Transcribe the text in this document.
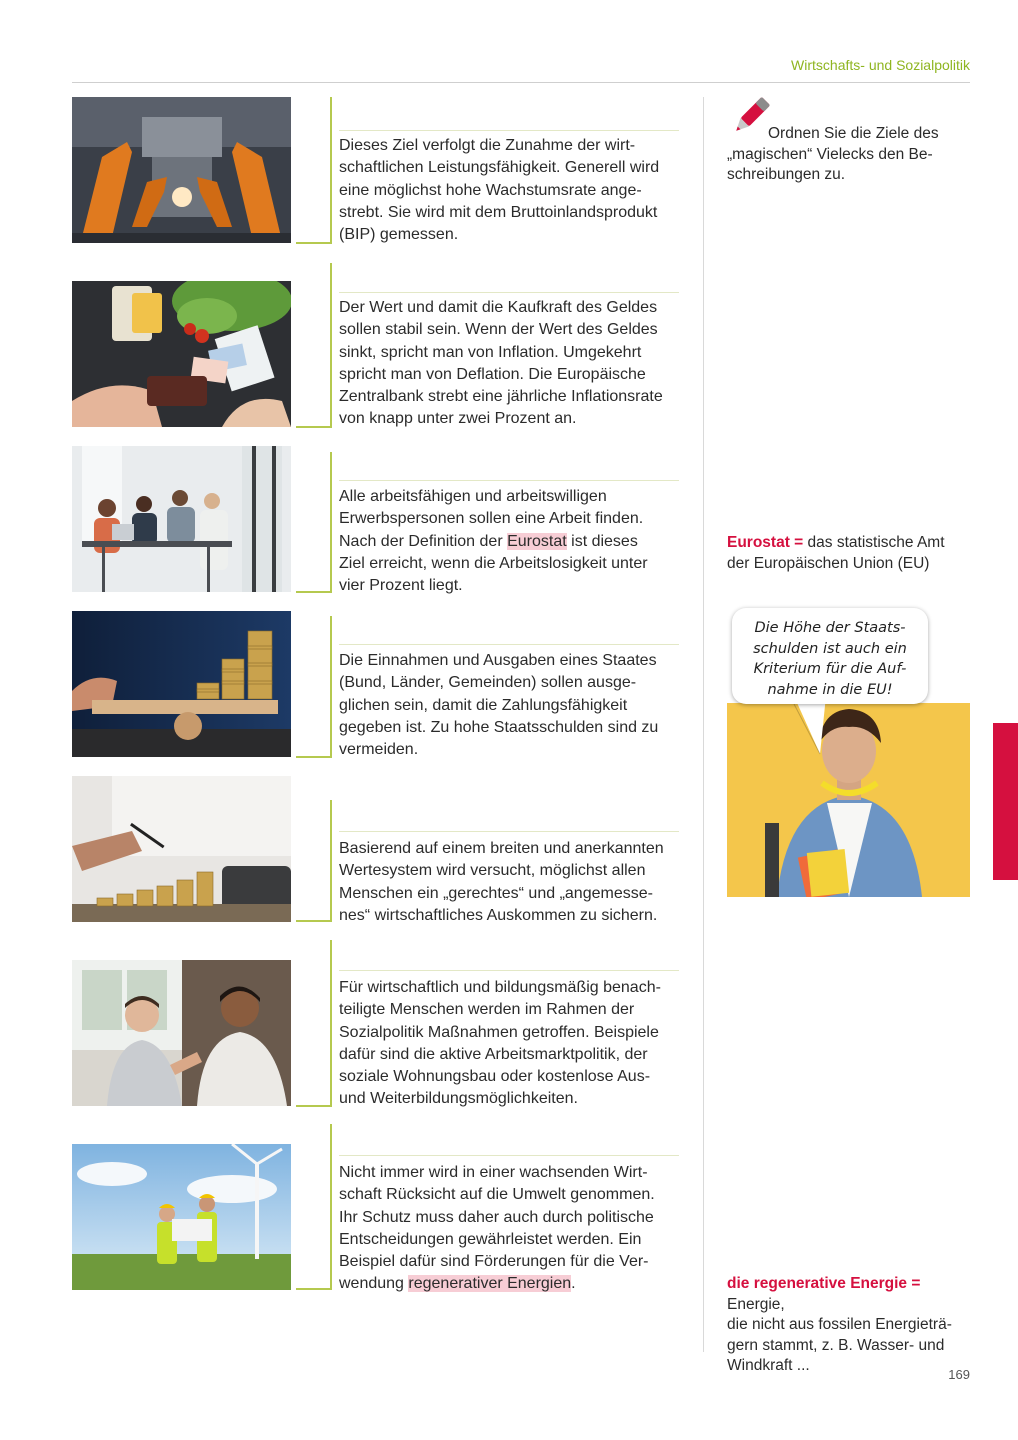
Wirtschafts- und Sozialpolitik
Dieses Ziel verfolgt die Zunahme der wirt-
schaftlichen Leistungsfähigkeit. Generell wird
eine möglichst hohe Wachstumsrate ange-
strebt. Sie wird mit dem Bruttoinlandsprodukt
(BIP) gemessen.
Der Wert und damit die Kaufkraft des Geldes
sollen stabil sein. Wenn der Wert des Geldes
sinkt, spricht man von Inflation. Umgekehrt
spricht man von Deflation. Die Europäische
Zentralbank strebt eine jährliche Inflationsrate
von knapp unter zwei Prozent an.
Alle arbeitsfähigen und arbeitswilligen
Erwerbspersonen sollen eine Arbeit finden.
Nach der Definition der Eurostat ist dieses
Ziel erreicht, wenn die Arbeitslosigkeit unter
vier Prozent liegt.
Die Einnahmen und Ausgaben eines Staates
(Bund, Länder, Gemeinden) sollen ausge-
glichen sein, damit die Zahlungsfähigkeit
gegeben ist. Zu hohe Staatsschulden sind zu
vermeiden.
Basierend auf einem breiten und anerkannten
Wertesystem wird versucht, möglichst allen
Menschen ein „gerechtes“ und „angemesse-
nes“ wirtschaftliches Auskommen zu sichern.
Für wirtschaftlich und bildungsmäßig benach-
teiligte Menschen werden im Rahmen der
Sozialpolitik Maßnahmen getroffen. Beispiele
dafür sind die aktive Arbeitsmarktpolitik, der
soziale Wohnungsbau oder kostenlose Aus-
und Weiterbildungsmöglichkeiten.
Nicht immer wird in einer wachsenden Wirt-
schaft Rücksicht auf die Umwelt genommen.
Ihr Schutz muss daher auch durch politische
Entscheidungen gewährleistet werden. Ein
Beispiel dafür sind Förderungen für die Ver-
wendung regenerativer Energien.
Ordnen Sie die Ziele des
„magischen“ Vielecks den Be-
schreibungen zu.
Eurostat = das statistische Amt
der Europäischen Union (EU)
Die Höhe der Staats-
schulden ist auch ein
Kriterium für die Auf-
nahme in die EU!
die regenerative Energie = Energie,
die nicht aus fossilen Energieträ-
gern stammt, z. B. Wasser- und
Windkraft ...
169
